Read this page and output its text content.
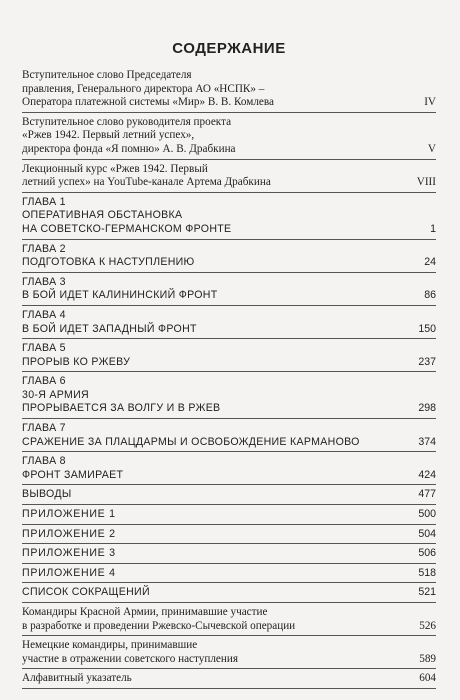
СОДЕРЖАНИЕ
Вступительное слово Председателя
правления, Генерального директора АО «НСПК» –
Оператора платежной системы «Мир» В. В. Комлева	IV
Вступительное слово руководителя проекта
«Ржев 1942. Первый летний успех»,
директора фонда «Я помню» А. В. Драбкина	V
Лекционный курс «Ржев 1942. Первый
летний успех» на YouTube-канале Артема Драбкина	VIII
ГЛАВА 1
ОПЕРАТИВНАЯ ОБСТАНОВКА
НА СОВЕТСКО-ГЕРМАНСКОМ ФРОНТЕ	1
ГЛАВА 2
ПОДГОТОВКА К НАСТУПЛЕНИЮ	24
ГЛАВА 3
В БОЙ ИДЕТ КАЛИНИНСКИЙ ФРОНТ	86
ГЛАВА 4
В БОЙ ИДЕТ ЗАПАДНЫЙ ФРОНТ	150
ГЛАВА 5
ПРОРЫВ КО РЖЕВУ	237
ГЛАВА 6
30-Я АРМИЯ
ПРОРЫВАЕТСЯ ЗА ВОЛГУ И В РЖЕВ	298
ГЛАВА 7
СРАЖЕНИЕ ЗА ПЛАЦДАРМЫ И ОСВОБОЖДЕНИЕ КАРМАНОВО	374
ГЛАВА 8
ФРОНТ ЗАМИРАЕТ	424
ВЫВОДЫ	477
ПРИЛОЖЕНИЕ 1	500
ПРИЛОЖЕНИЕ 2	504
ПРИЛОЖЕНИЕ 3	506
ПРИЛОЖЕНИЕ 4	518
СПИСОК СОКРАЩЕНИЙ	521
Командиры Красной Армии, принимавшие участие
в разработке и проведении Ржевско-Сычевской операции	526
Немецкие командиры, принимавшие
участие в отражении советского наступления	589
Алфавитный указатель	604
